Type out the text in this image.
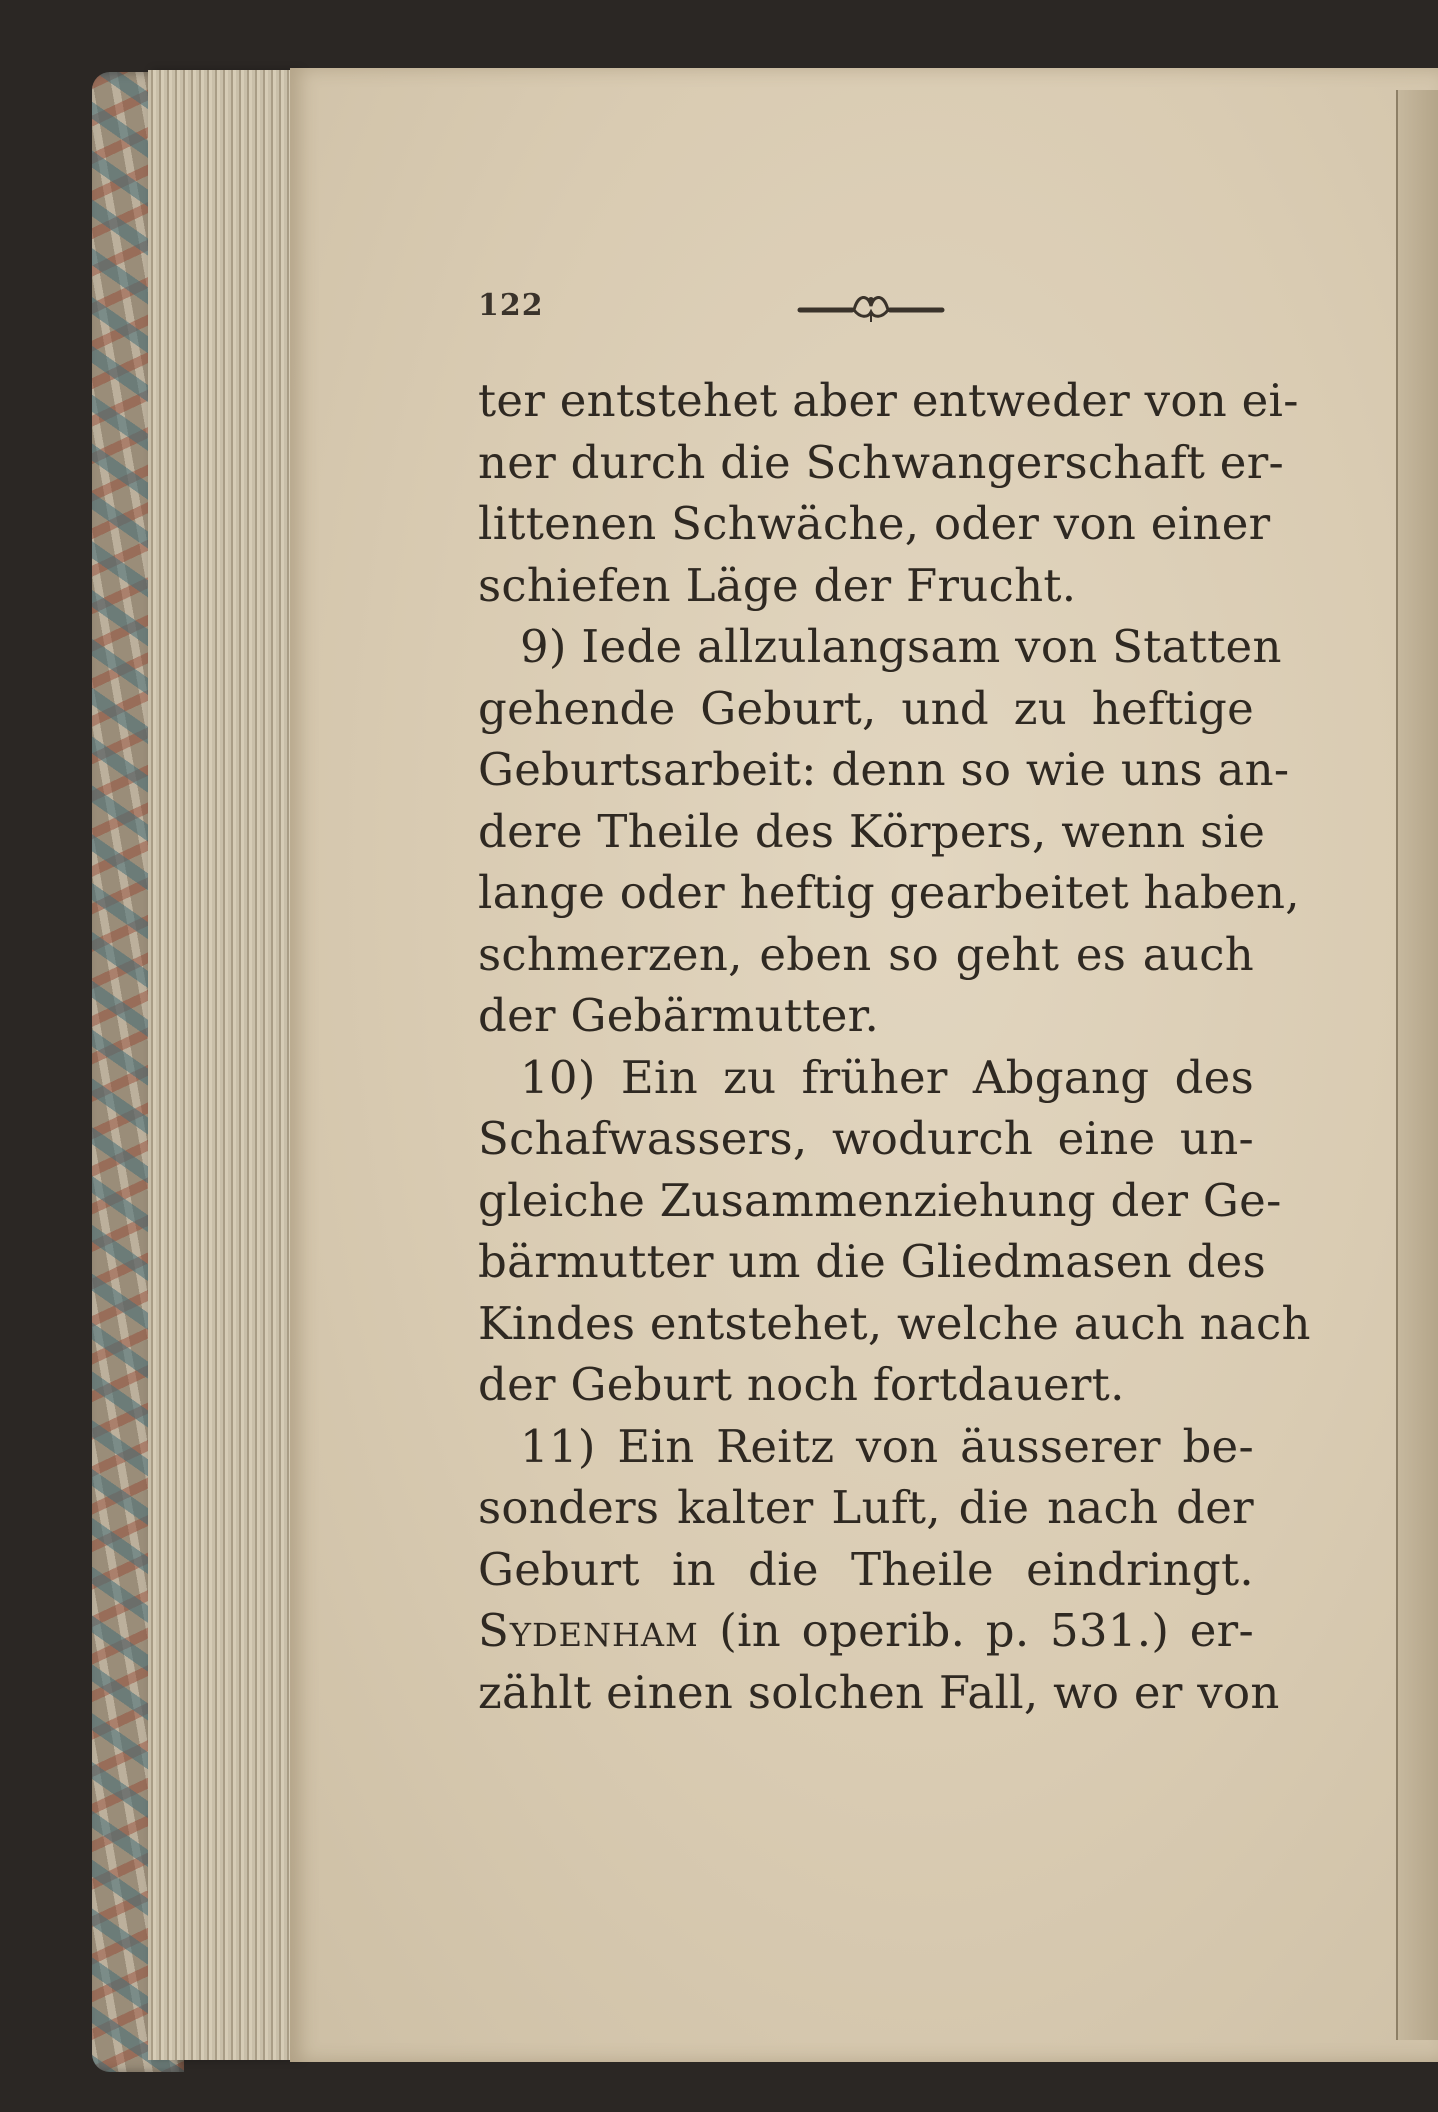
122
ter entstehet aber entweder von ei-
ner durch die Schwangerschaft er-
littenen Schwäche, oder von einer
schiefen Läge der Frucht.
9) Iede allzulangsam von Statten
gehende Geburt, und zu heftige
Geburtsarbeit: denn so wie uns an-
dere Theile des Körpers, wenn sie
lange oder heftig gearbeitet haben,
schmerzen, eben so geht es auch
der Gebärmutter.
10) Ein zu früher Abgang des
Schafwassers, wodurch eine un-
gleiche Zusammenziehung der Ge-
bärmutter um die Gliedmasen des
Kindes entstehet, welche auch nach
der Geburt noch fortdauert.
11) Ein Reitz von äusserer be-
sonders kalter Luft, die nach der
Geburt in die Theile eindringt.
Sydenham (in operib. p. 531.) er-
zählt einen solchen Fall, wo er von
